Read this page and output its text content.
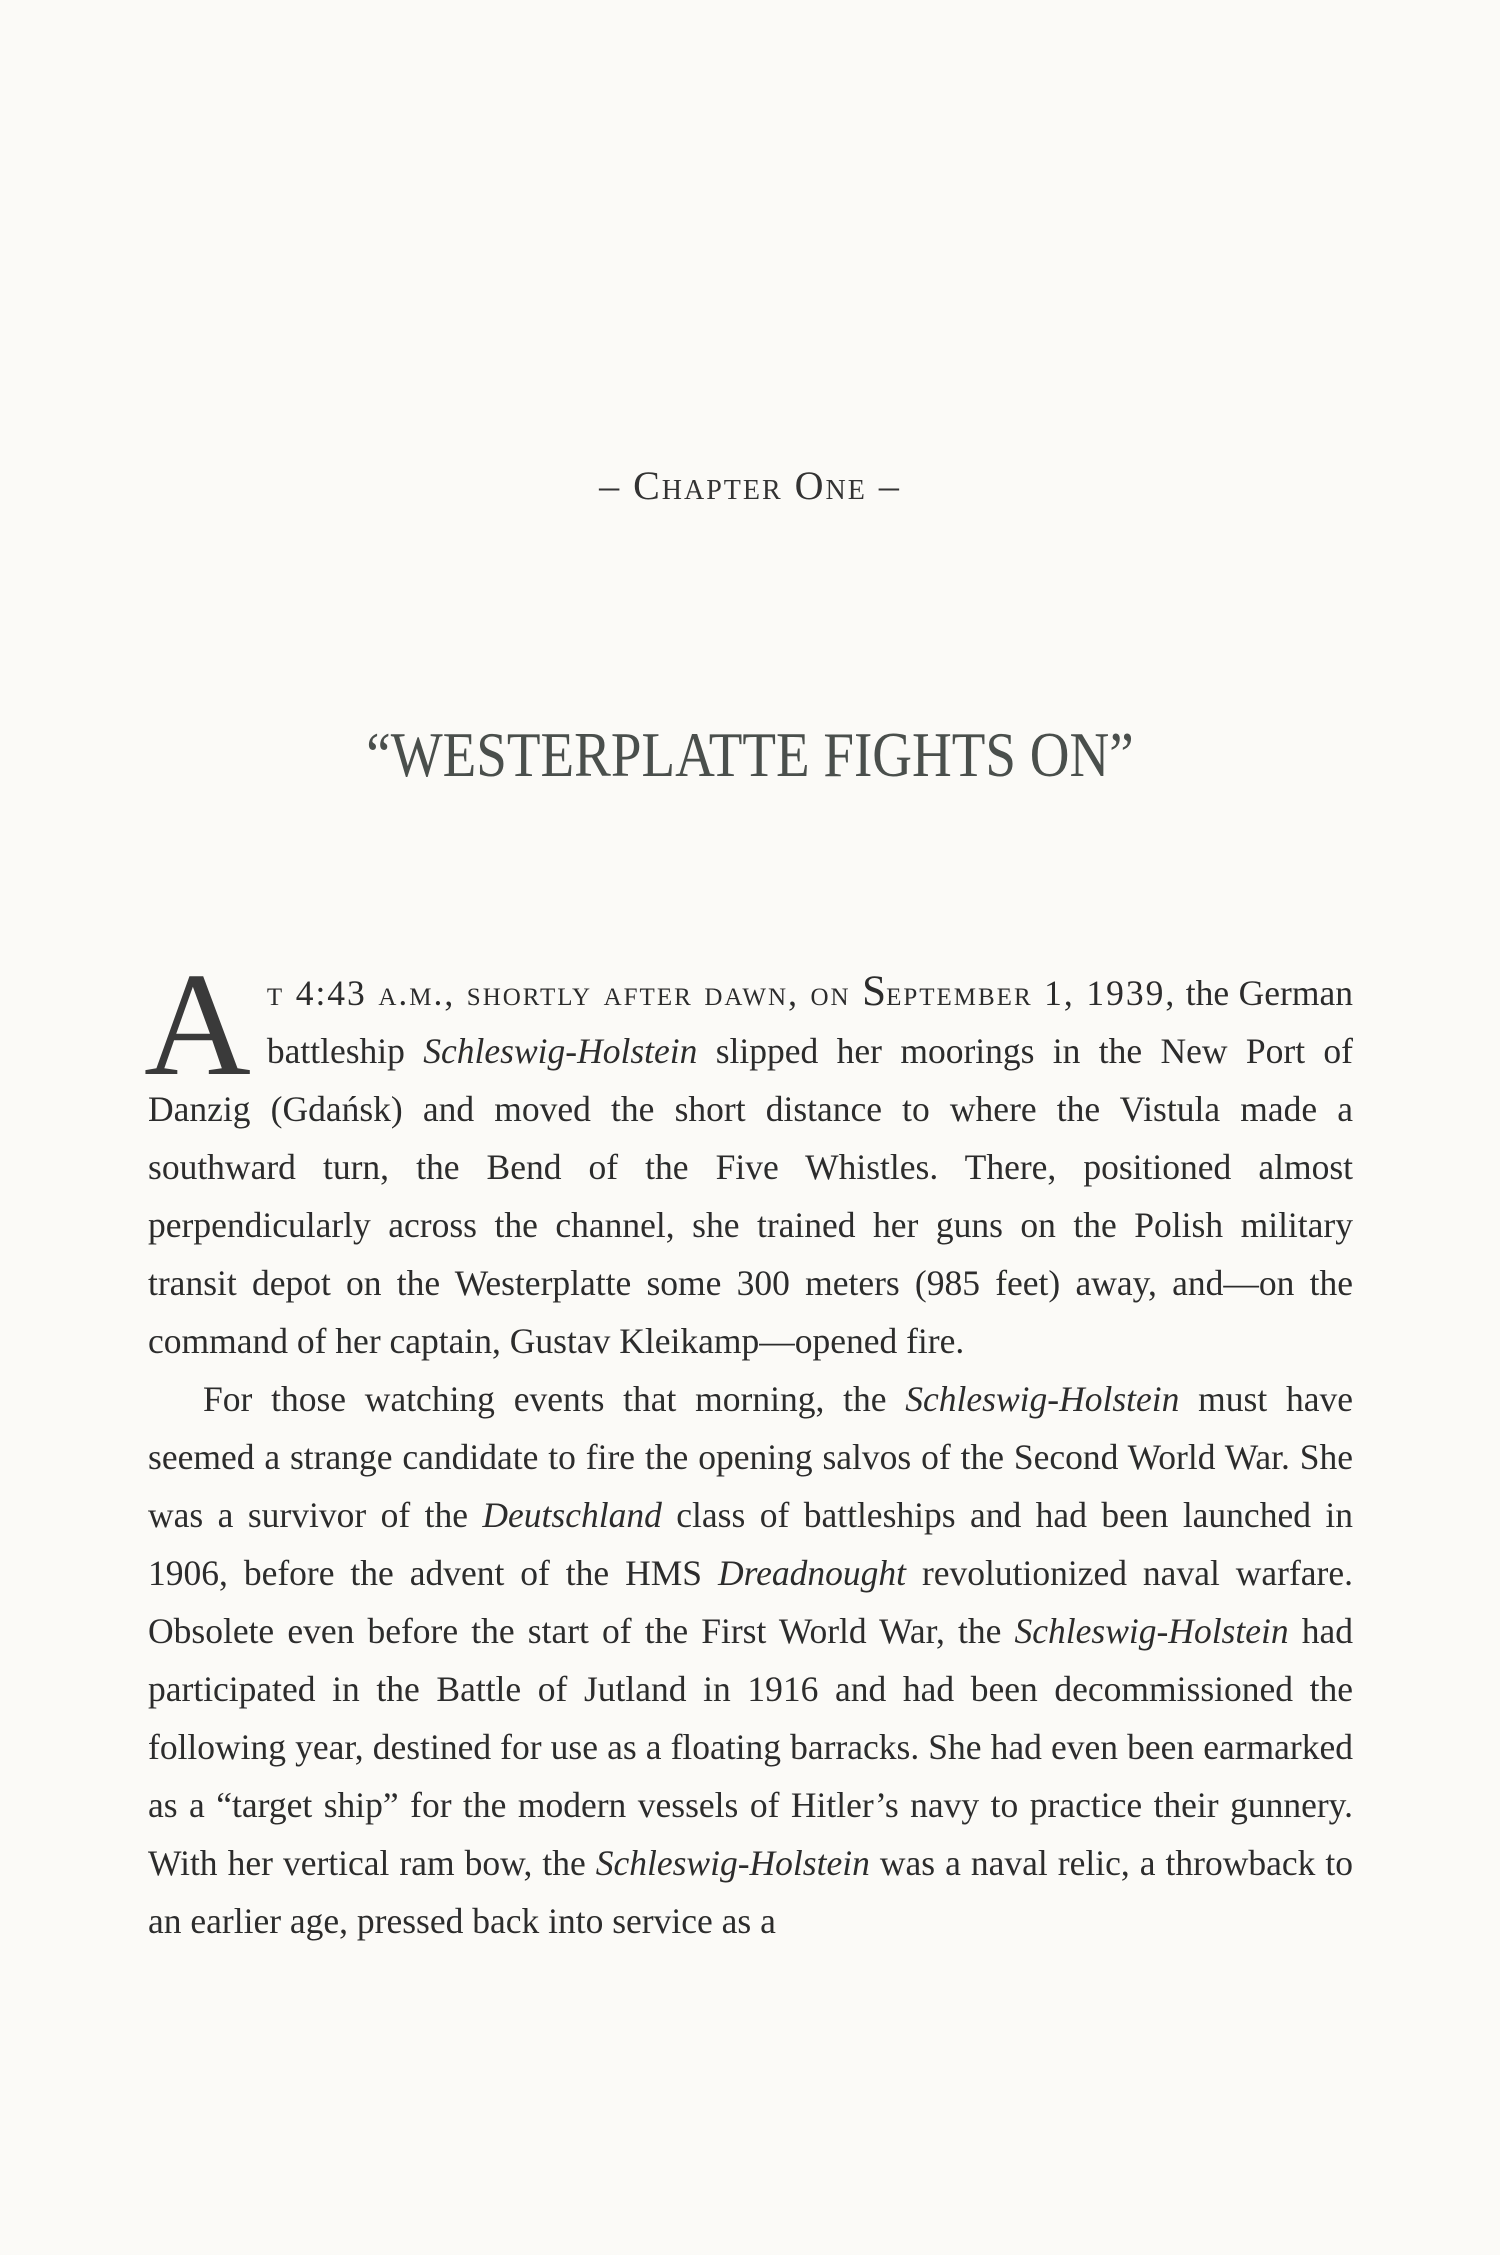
– Chapter One –
“WESTERPLATTE FIGHTS ON”

At 4:43 a.m., shortly after dawn, on September 1, 1939, the German battleship Schleswig-Holstein slipped her moorings in the New Port of Danzig (Gdańsk) and moved the short distance to where the Vistula made a southward turn, the Bend of the Five Whistles. There, positioned almost perpendicularly across the channel, she trained her guns on the Polish military transit depot on the Westerplatte some 300 meters (985 feet) away, and—on the command of her captain, Gustav Kleikamp—opened fire.

For those watching events that morning, the Schleswig-Holstein must have seemed a strange candidate to fire the opening salvos of the Second World War. She was a survivor of the Deutschland class of battleships and had been launched in 1906, before the advent of the HMS Dreadnought revolutionized naval warfare. Obsolete even before the start of the First World War, the Schleswig-Holstein had participated in the Battle of Jutland in 1916 and had been decommissioned the following year, destined for use as a floating barracks. She had even been earmarked as a “target ship” for the modern vessels of Hitler’s navy to practice their gunnery. With her vertical ram bow, the Schleswig-Holstein was a naval relic, a throwback to an earlier age, pressed back into service as a
